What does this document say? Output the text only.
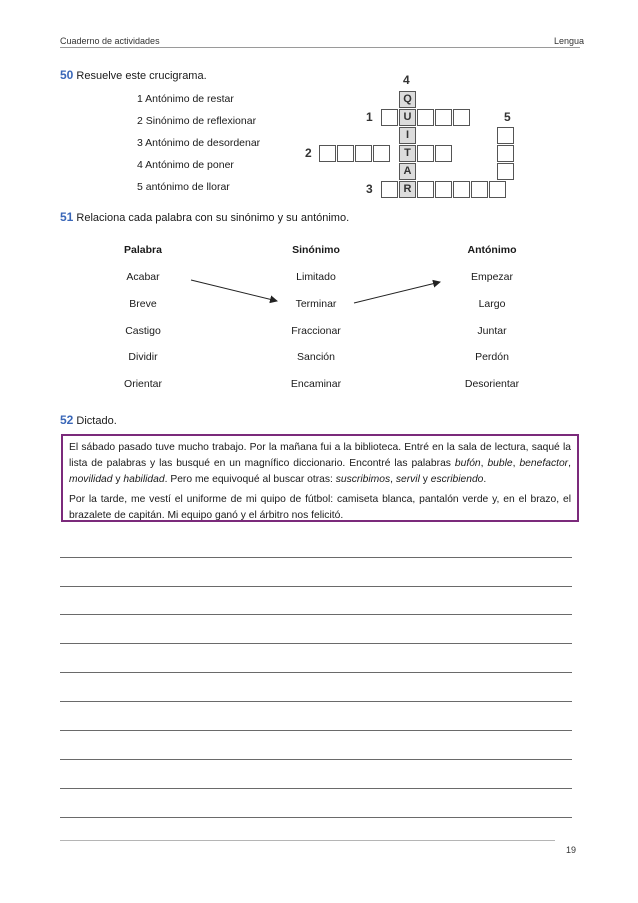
Cuaderno de actividades	Lengua
50 Resuelve este crucigrama.
1 Antónimo de restar
2 Sinónimo de reflexionar
3 Antónimo de desordenar
4 Antónimo de poner
5 antónimo de llorar
4
1	5
2
3
Q
U
I
T
A
R
51 Relaciona cada palabra con su sinónimo y su antónimo.
Palabra	Sinónimo	Antónimo
Acabar	Limitado	Empezar
Breve	Terminar	Largo
Castigo	Fraccionar	Juntar
Dividir	Sanción	Perdón
Orientar	Encaminar	Desorientar
52 Dictado.

El sábado pasado tuve mucho trabajo. Por la mañana fui a la biblioteca. Entré en la sala de lectura, saqué la lista de palabras y las busqué en un magnífico diccionario. Encontré las palabras bufón, buble, benefactor, movilidad y habilidad. Pero me equivoqué al buscar otras: suscribimos, servil y escribiendo.

Por la tarde, me vestí el uniforme de mi quipo de fútbol: camiseta blanca, pantalón verde y, en el brazo, el brazalete de capitán. Mi equipo ganó y el árbitro nos felicitó.

19
